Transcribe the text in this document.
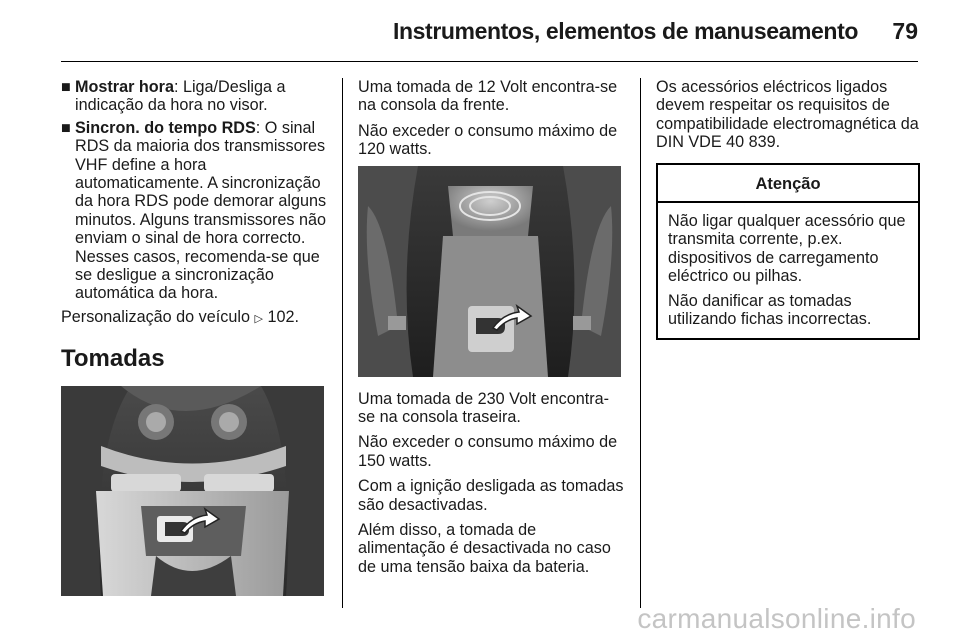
Instrumentos, elementos de manuseamento 79
■ Mostrar hora: Liga/Desliga a indicação da hora no visor.
■ Sincron. do tempo RDS: O sinal RDS da maioria dos transmissores VHF define a hora automaticamente. A sincronização da hora RDS pode demorar alguns minutos. Alguns transmissores não enviam o sinal de hora correcto. Nesses casos, recomenda-se que se desligue a sincronização automática da hora.

Personalização do veículo ▷ 102.

Tomadas

Uma tomada de 12 Volt encontra-se na consola da frente.

Não exceder o consumo máximo de 120 watts.

Uma tomada de 230 Volt encontra-se na consola traseira.

Não exceder o consumo máximo de 150 watts.

Com a ignição desligada as tomadas são desactivadas.

Além disso, a tomada de alimentação é desactivada no caso de uma tensão baixa da bateria.

Os acessórios eléctricos ligados devem respeitar os requisitos de compatibilidade electromagnética da DIN VDE 40 839.

Atenção

Não ligar qualquer acessório que transmita corrente, p.ex. dispositivos de carregamento eléctrico ou pilhas.

Não danificar as tomadas utilizando fichas incorrectas.

carmanualsonline.info
